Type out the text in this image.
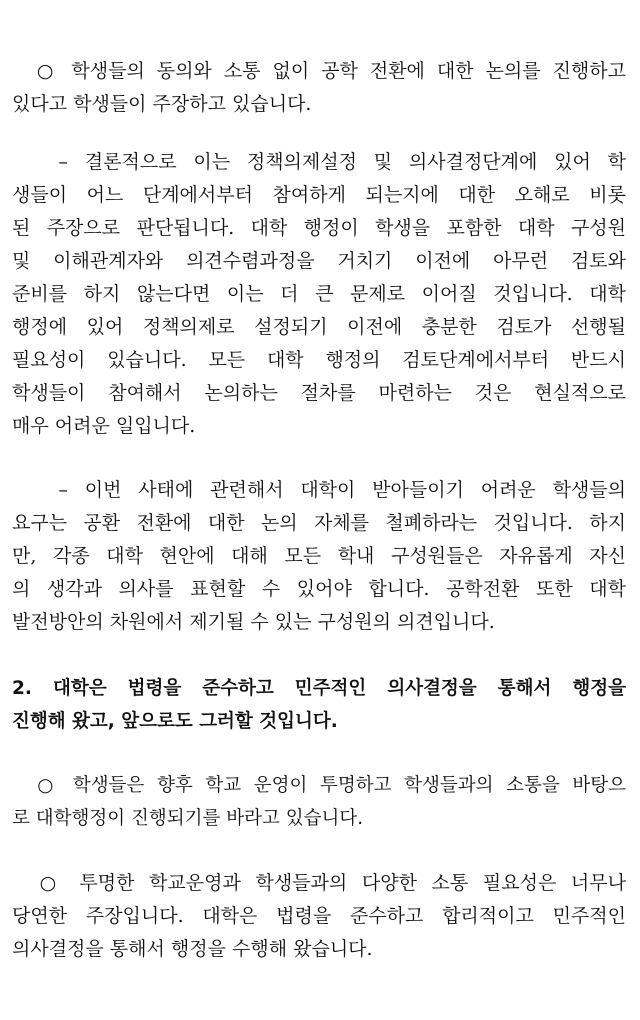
　○ 학생들의 동의와 소통 없이 공학 전환에 대한 논의를 진행하고
있다고 학생들이 주장하고 있습니다.
　 – 결론적으로 이는 정책의제설정 및 의사결정단계에 있어 학
생들이 어느 단계에서부터 참여하게 되는지에 대한 오해로 비롯
된 주장으로 판단됩니다. 대학 행정이 학생을 포함한 대학 구성원
및 이해관계자와 의견수렴과정을 거치기 이전에 아무런 검토와
준비를 하지 않는다면 이는 더 큰 문제로 이어질 것입니다. 대학
행정에 있어 정책의제로 설정되기 이전에 충분한 검토가 선행될
필요성이 있습니다. 모든 대학 행정의 검토단계에서부터 반드시
학생들이 참여해서 논의하는 절차를 마련하는 것은 현실적으로
매우 어려운 일입니다.
　 – 이번 사태에 관련해서 대학이 받아들이기 어려운 학생들의
요구는 공환 전환에 대한 논의 자체를 철폐하라는 것입니다. 하지
만, 각종 대학 현안에 대해 모든 학내 구성원들은 자유롭게 자신
의 생각과 의사를 표현할 수 있어야 합니다. 공학전환 또한 대학
발전방안의 차원에서 제기될 수 있는 구성원의 의견입니다.
2. 대학은 법령을 준수하고 민주적인 의사결정을 통해서 행정을
진행해 왔고, 앞으로도 그러할 것입니다.
　○ 학생들은 향후 학교 운영이 투명하고 학생들과의 소통을 바탕으
로 대학행정이 진행되기를 바라고 있습니다.
　○ 투명한 학교운영과 학생들과의 다양한 소통 필요성은 너무나
당연한 주장입니다. 대학은 법령을 준수하고 합리적이고 민주적인
의사결정을 통해서 행정을 수행해 왔습니다.
